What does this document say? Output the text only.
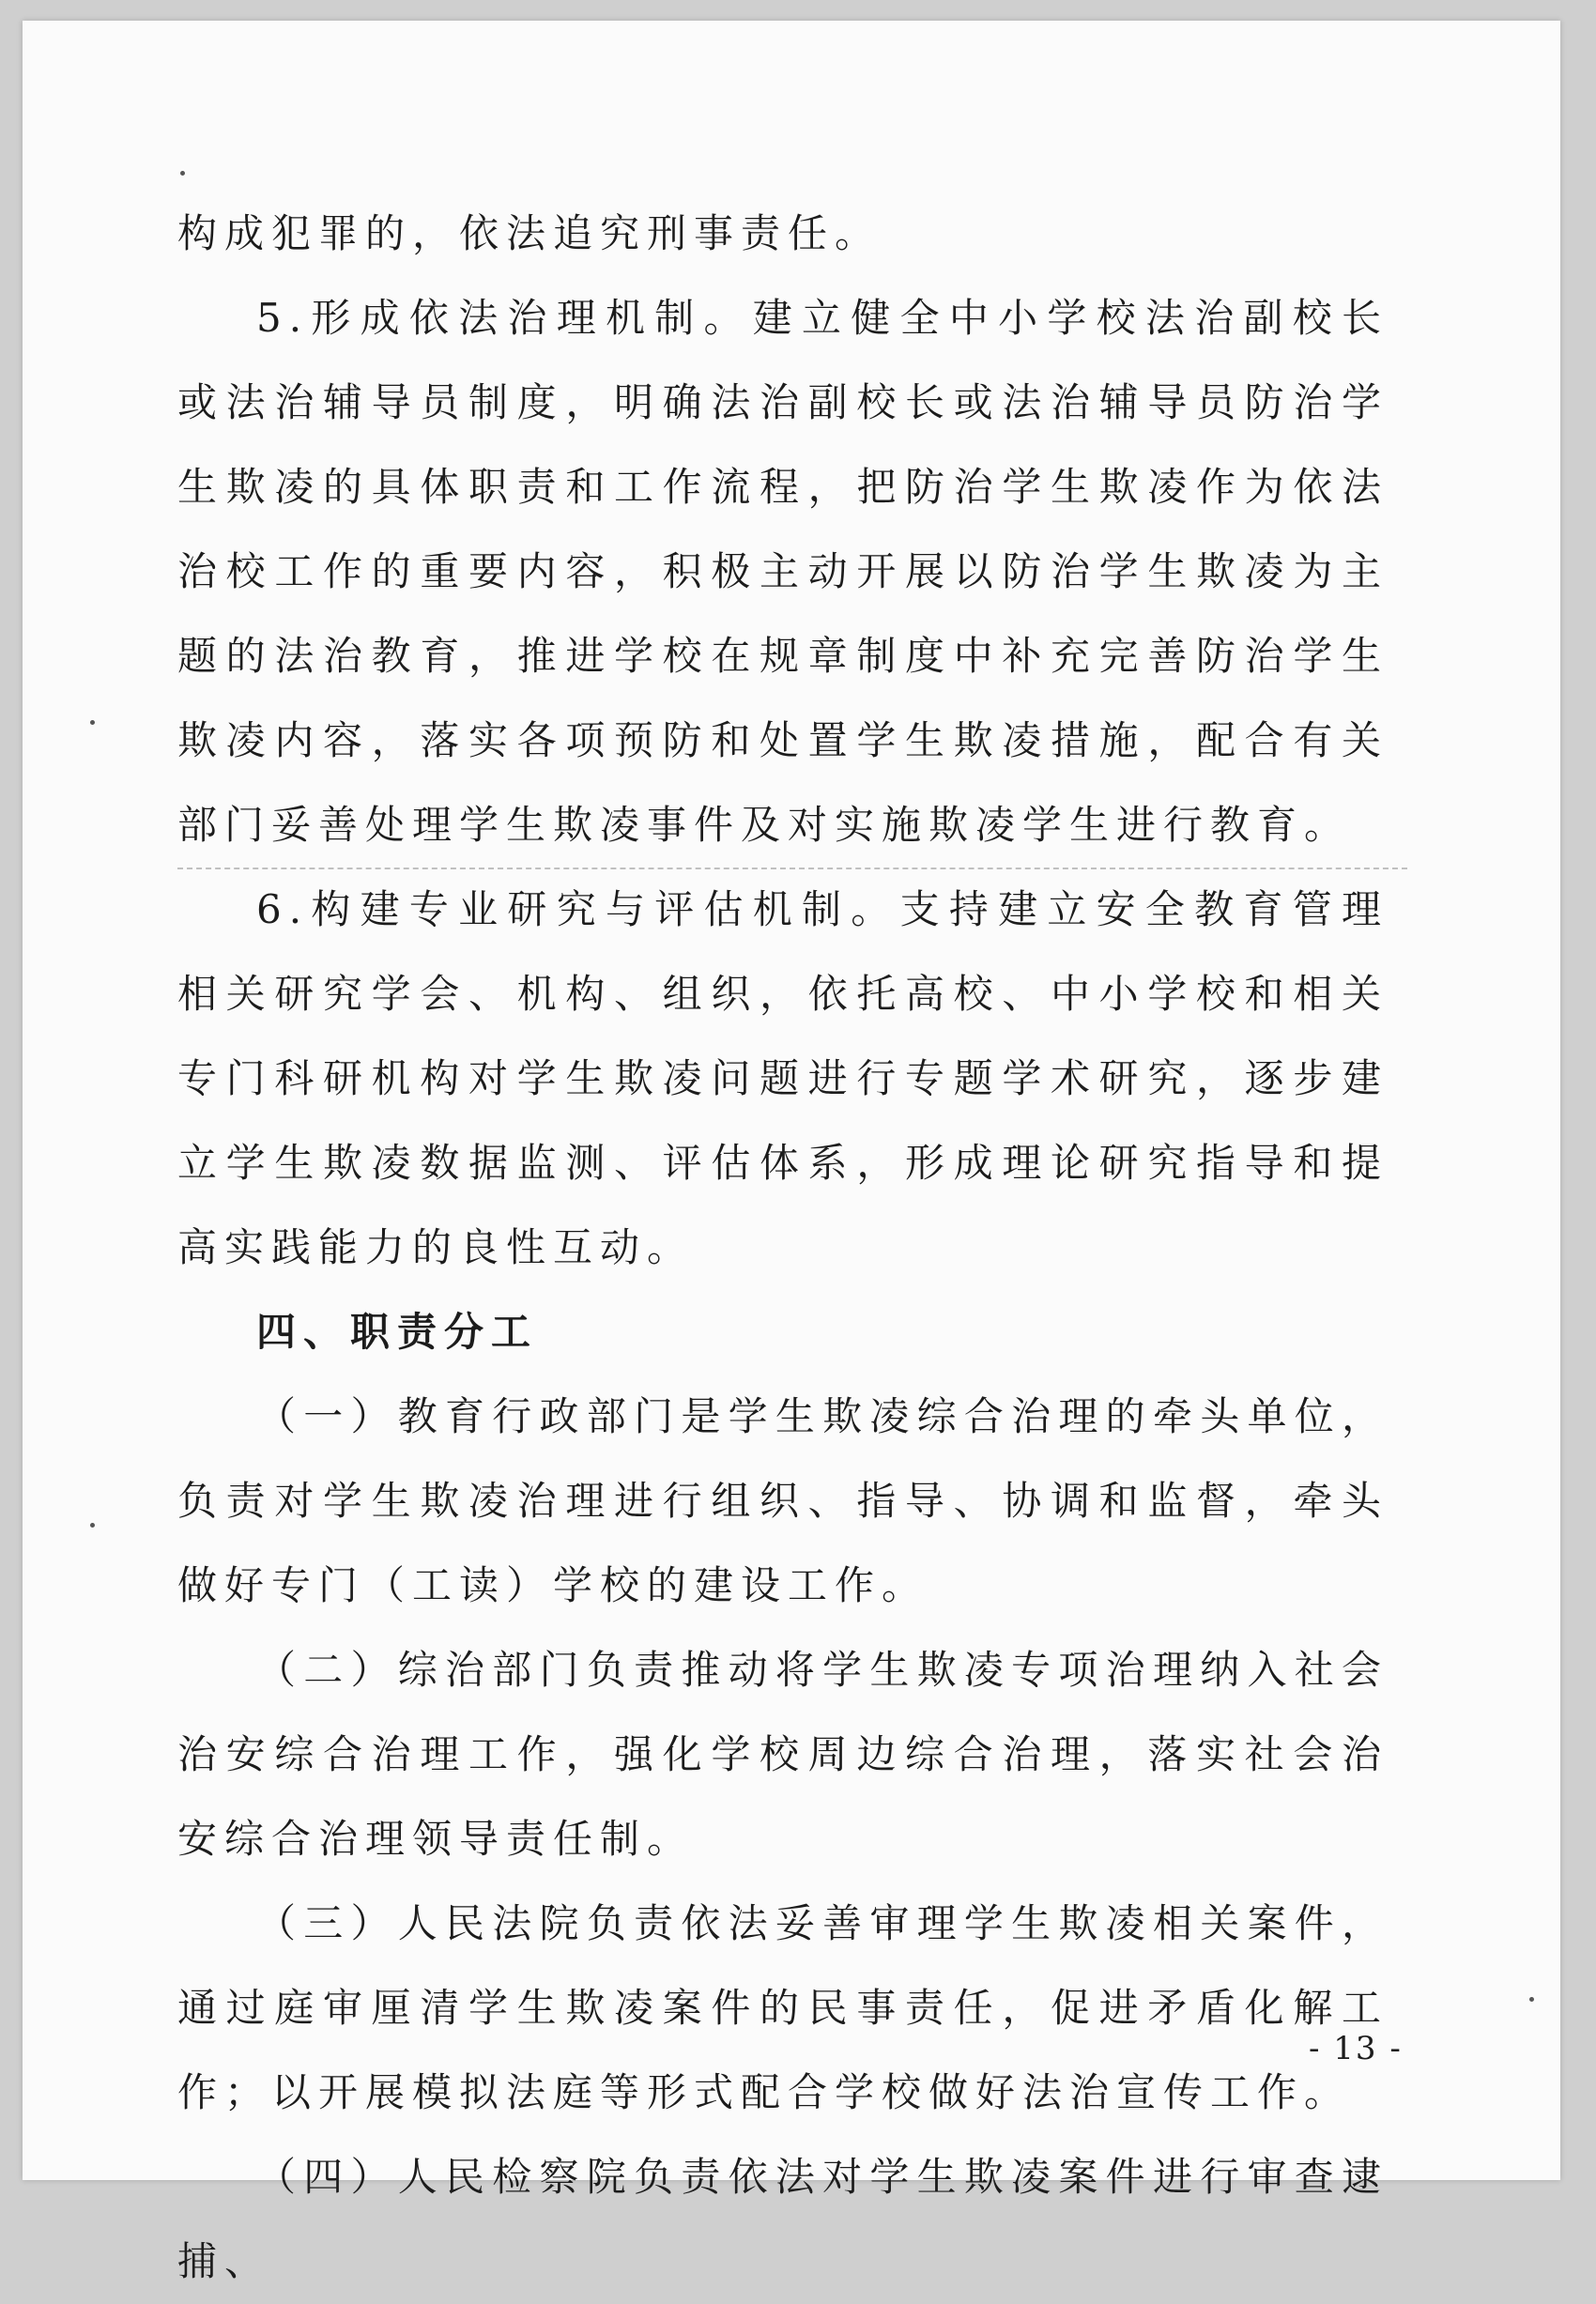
构成犯罪的，依法追究刑事责任。

5.形成依法治理机制。建立健全中小学校法治副校长或法治辅导员制度，明确法治副校长或法治辅导员防治学生欺凌的具体职责和工作流程，把防治学生欺凌作为依法治校工作的重要内容，积极主动开展以防治学生欺凌为主题的法治教育，推进学校在规章制度中补充完善防治学生欺凌内容，落实各项预防和处置学生欺凌措施，配合有关部门妥善处理学生欺凌事件及对实施欺凌学生进行教育。

6.构建专业研究与评估机制。支持建立安全教育管理相关研究学会、机构、组织，依托高校、中小学校和相关专门科研机构对学生欺凌问题进行专题学术研究，逐步建立学生欺凌数据监测、评估体系，形成理论研究指导和提高实践能力的良性互动。

四、职责分工

（一）教育行政部门是学生欺凌综合治理的牵头单位，负责对学生欺凌治理进行组织、指导、协调和监督，牵头做好专门（工读）学校的建设工作。

（二）综治部门负责推动将学生欺凌专项治理纳入社会治安综合治理工作，强化学校周边综合治理，落实社会治安综合治理领导责任制。

（三）人民法院负责依法妥善审理学生欺凌相关案件，通过庭审厘清学生欺凌案件的民事责任，促进矛盾化解工作；以开展模拟法庭等形式配合学校做好法治宣传工作。

（四）人民检察院负责依法对学生欺凌案件进行审查逮捕、

- 13 -
